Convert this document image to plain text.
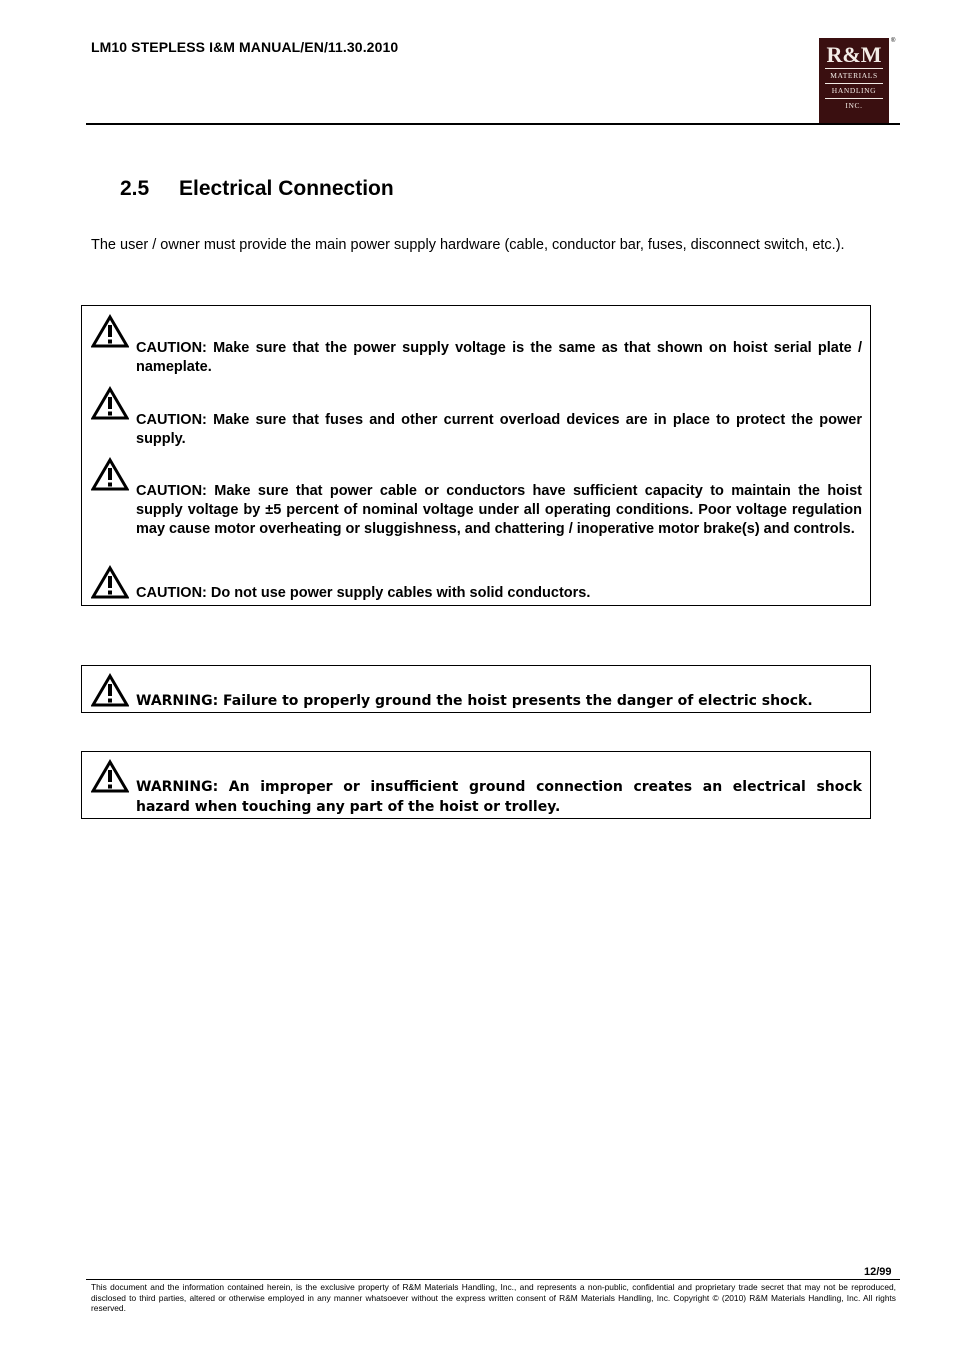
LM10 STEPLESS I&M MANUAL/EN/11.30.2010	R&M
MATERIALS
HANDLING
INC.
®
2.5 Electrical Connection
The user / owner must provide the main power supply hardware (cable, conductor bar, fuses, disconnect switch, etc.).
CAUTION: Make sure that the power supply voltage is the same as that shown on hoist serial plate / nameplate.
CAUTION: Make sure that fuses and other current overload devices are in place to protect the power supply.
CAUTION: Make sure that power cable or conductors have sufficient capacity to maintain the hoist supply voltage by ±5 percent of nominal voltage under all operating conditions. Poor voltage regulation may cause motor overheating or sluggishness, and chattering / inoperative motor brake(s) and controls.
CAUTION: Do not use power supply cables with solid conductors.
WARNING: Failure to properly ground the hoist presents the danger of electric shock.
WARNING: An improper or insufficient ground connection creates an electrical shock hazard when touching any part of the hoist or trolley.
12/99
This document and the information contained herein, is the exclusive property of R&M Materials Handling, Inc., and represents a non-public, confidential and proprietary trade secret that may not be reproduced, disclosed to third parties, altered or otherwise employed in any manner whatsoever without the express written consent of R&M Materials Handling, Inc. Copyright © (2010) R&M Materials Handling, Inc. All rights reserved.
